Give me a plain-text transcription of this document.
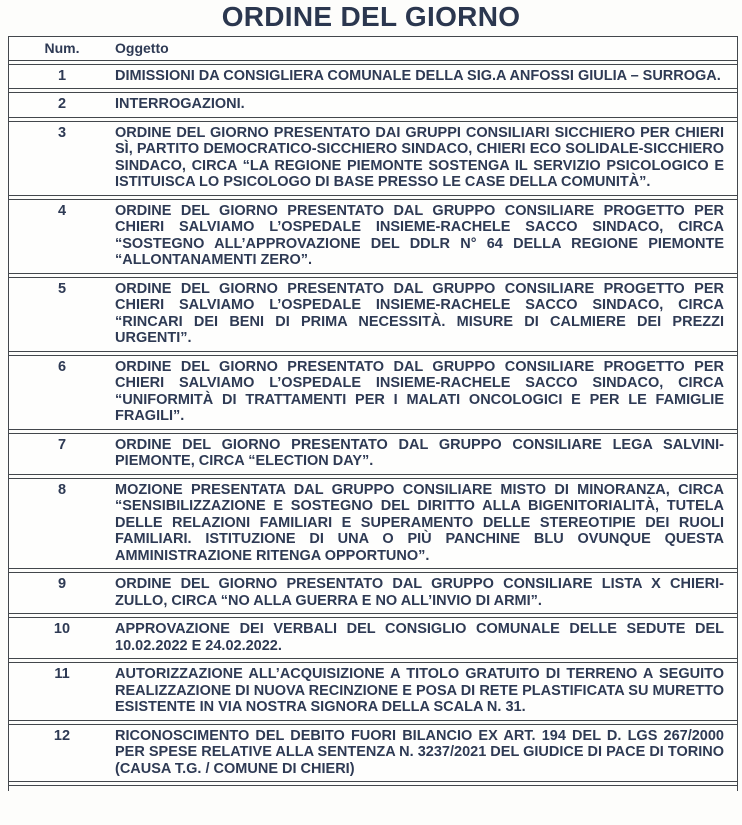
ORDINE DEL GIORNO
Num.	Oggetto
1	DIMISSIONI DA CONSIGLIERA COMUNALE DELLA SIG.A ANFOSSI GIULIA – SURROGA.
2	INTERROGAZIONI.
3	ORDINE DEL GIORNO PRESENTATO DAI GRUPPI CONSILIARI SICCHIERO PER CHIERI SÌ, PARTITO DEMOCRATICO-SICCHIERO SINDACO, CHIERI ECO SOLIDALE-SICCHIERO SINDACO, CIRCA “LA REGIONE PIEMONTE SOSTENGA IL SERVIZIO PSICOLOGICO E ISTITUISCA LO PSICOLOGO DI BASE PRESSO LE CASE DELLA COMUNITÀ”.
4	ORDINE DEL GIORNO PRESENTATO DAL GRUPPO CONSILIARE PROGETTO PER CHIERI SALVIAMO L’OSPEDALE INSIEME-RACHELE SACCO SINDACO, CIRCA “SOSTEGNO ALL’APPROVAZIONE DEL DDLR N° 64 DELLA REGIONE PIEMONTE “ALLONTANAMENTI ZERO”.
5	ORDINE DEL GIORNO PRESENTATO DAL GRUPPO CONSILIARE PROGETTO PER CHIERI SALVIAMO L’OSPEDALE INSIEME-RACHELE SACCO SINDACO, CIRCA “RINCARI DEI BENI DI PRIMA NECESSITÀ. MISURE DI CALMIERE DEI PREZZI URGENTI”.
6	ORDINE DEL GIORNO PRESENTATO DAL GRUPPO CONSILIARE PROGETTO PER CHIERI SALVIAMO L’OSPEDALE INSIEME-RACHELE SACCO SINDACO, CIRCA “UNIFORMITÀ DI TRATTAMENTI PER I MALATI ONCOLOGICI E PER LE FAMIGLIE FRAGILI”.
7	ORDINE DEL GIORNO PRESENTATO DAL GRUPPO CONSILIARE LEGA SALVINI-PIEMONTE, CIRCA “ELECTION DAY”.
8	MOZIONE PRESENTATA DAL GRUPPO CONSILIARE MISTO DI MINORANZA, CIRCA “SENSIBILIZZAZIONE E SOSTEGNO DEL DIRITTO ALLA BIGENITORIALITÀ, TUTELA DELLE RELAZIONI FAMILIARI E SUPERAMENTO DELLE STEREOTIPIE DEI RUOLI FAMILIARI. ISTITUZIONE DI UNA O PIÙ PANCHINE BLU OVUNQUE QUESTA AMMINISTRAZIONE RITENGA OPPORTUNO”.
9	ORDINE DEL GIORNO PRESENTATO DAL GRUPPO CONSILIARE LISTA X CHIERI-ZULLO, CIRCA “NO ALLA GUERRA E NO ALL’INVIO DI ARMI”.
10	APPROVAZIONE DEI VERBALI DEL CONSIGLIO COMUNALE DELLE SEDUTE DEL 10.02.2022 E 24.02.2022.
11	AUTORIZZAZIONE ALL’ACQUISIZIONE A TITOLO GRATUITO DI TERRENO A SEGUITO REALIZZAZIONE DI NUOVA RECINZIONE E POSA DI RETE PLASTIFICATA SU MURETTO ESISTENTE IN VIA NOSTRA SIGNORA DELLA SCALA N. 31.
12	RICONOSCIMENTO DEL DEBITO FUORI BILANCIO EX ART. 194 DEL D. LGS 267/2000 PER SPESE RELATIVE ALLA SENTENZA N. 3237/2021 DEL GIUDICE DI PACE DI TORINO (CAUSA T.G. / COMUNE DI CHIERI)
